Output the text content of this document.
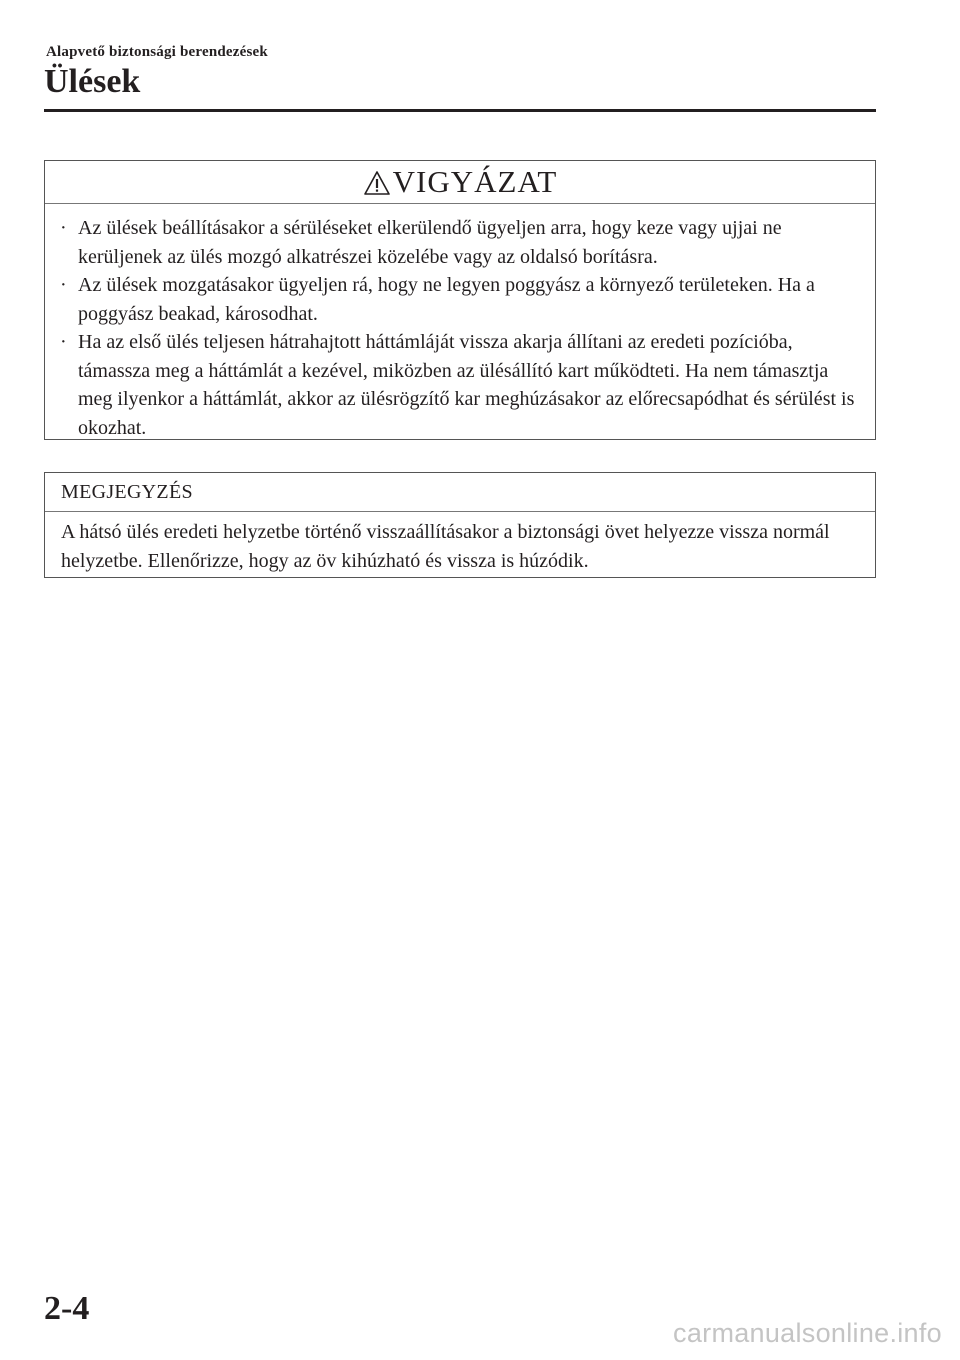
Alapvető biztonsági berendezések
Ülések
VIGYÁZAT
· Az ülések beállításakor a sérüléseket elkerülendő ügyeljen arra, hogy keze vagy ujjai ne kerüljenek az ülés mozgó alkatrészei közelébe vagy az oldalsó borításra.
· Az ülések mozgatásakor ügyeljen rá, hogy ne legyen poggyász a környező területeken. Ha a poggyász beakad, károsodhat.
· Ha az első ülés teljesen hátrahajtott háttámláját vissza akarja állítani az eredeti pozícióba, támassza meg a háttámlát a kezével, miközben az ülésállító kart működteti. Ha nem támasztja meg ilyenkor a háttámlát, akkor az ülésrögzítő kar meghúzásakor az előrecsapódhat és sérülést is okozhat.
MEGJEGYZÉS
A hátsó ülés eredeti helyzetbe történő visszaállításakor a biztonsági övet helyezze vissza normál helyzetbe. Ellenőrizze, hogy az öv kihúzható és vissza is húzódik.
2-4
carmanualsonline.info
